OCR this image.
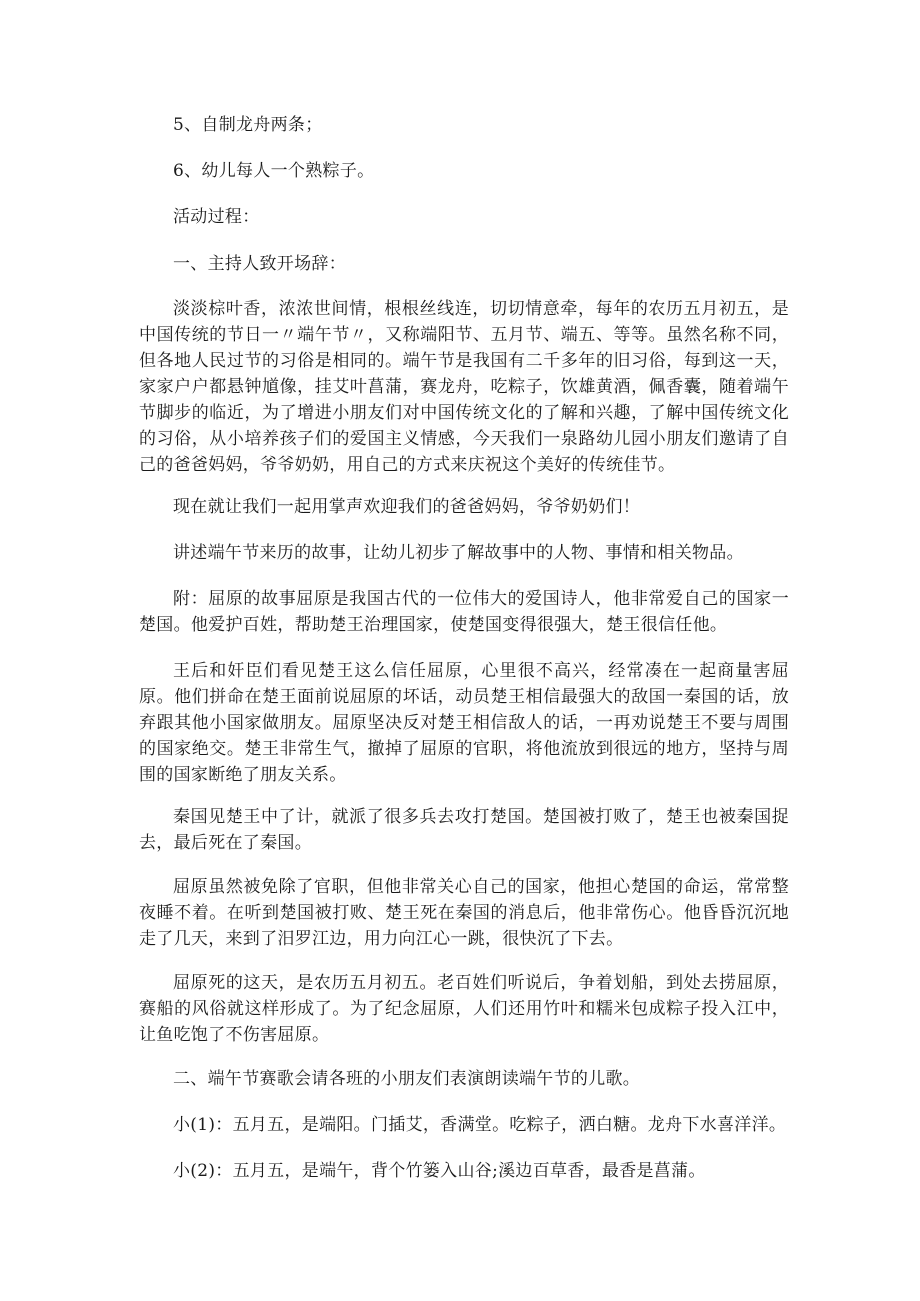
5、自制龙舟两条；

6、幼儿每人一个熟粽子。

活动过程：

一、主持人致开场辞：

淡淡棕叶香，浓浓世间情，根根丝线连，切切情意牵，每年的农历五月初五，是中国传统的节日一〃端午节〃，又称端阳节、五月节、端五、等等。虽然名称不同，但各地人民过节的习俗是相同的。端午节是我国有二千多年的旧习俗，每到这一天，家家户户都悬钟馗像，挂艾叶菖蒲，赛龙舟，吃粽子，饮雄黄酒，佩香囊，随着端午节脚步的临近，为了增进小朋友们对中国传统文化的了解和兴趣，了解中国传统文化的习俗，从小培养孩子们的爱国主义情感，今天我们一泉路幼儿园小朋友们邀请了自己的爸爸妈妈，爷爷奶奶，用自己的方式来庆祝这个美好的传统佳节。

现在就让我们一起用掌声欢迎我们的爸爸妈妈，爷爷奶奶们！

讲述端午节来历的故事，让幼儿初步了解故事中的人物、事情和相关物品。

附：屈原的故事屈原是我国古代的一位伟大的爱国诗人，他非常爱自己的国家一楚国。他爱护百姓，帮助楚王治理国家，使楚国变得很强大，楚王很信任他。

王后和奸臣们看见楚王这么信任屈原，心里很不高兴，经常凑在一起商量害屈原。他们拼命在楚王面前说屈原的坏话，动员楚王相信最强大的敌国一秦国的话，放弃跟其他小国家做朋友。屈原坚决反对楚王相信敌人的话，一再劝说楚王不要与周围的国家绝交。楚王非常生气，撤掉了屈原的官职，将他流放到很远的地方，坚持与周围的国家断绝了朋友关系。

秦国见楚王中了计，就派了很多兵去攻打楚国。楚国被打败了，楚王也被秦国捉去，最后死在了秦国。

屈原虽然被免除了官职，但他非常关心自己的国家，他担心楚国的命运，常常整夜睡不着。在听到楚国被打败、楚王死在秦国的消息后，他非常伤心。他昏昏沉沉地走了几天，来到了汨罗江边，用力向江心一跳，很快沉了下去。

屈原死的这天，是农历五月初五。老百姓们听说后，争着划船，到处去捞屈原，赛船的风俗就这样形成了。为了纪念屈原，人们还用竹叶和糯米包成粽子投入江中，让鱼吃饱了不伤害屈原。

二、端午节赛歌会请各班的小朋友们表演朗读端午节的儿歌。

小(1)：五月五，是端阳。门插艾，香满堂。吃粽子，洒白糖。龙舟下水喜洋洋。

小(2)：五月五，是端午，背个竹篓入山谷;溪边百草香，最香是菖蒲。
